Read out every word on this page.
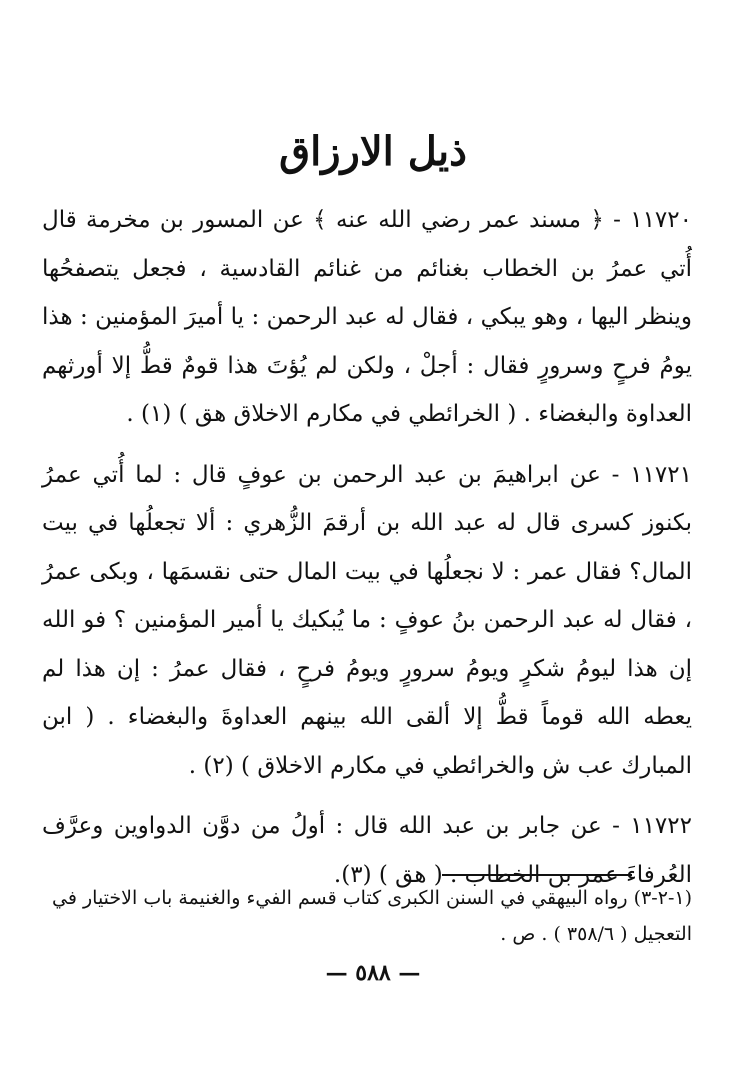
ذيل الارزاق

١١٧٢٠ - ﴿ مسند عمر رضي الله عنه ﴾ عن المسور بن مخرمة قال أُتي عمرُ بن الخطاب بغنائم من غنائم القادسية ، فجعل يتصفحُها وينظر اليها ، وهو يبكي ، فقال له عبد الرحمن : يا أميرَ المؤمنين : هذا يومُ فرحٍ وسرورٍ فقال : أجلْ ، ولكن لم يُؤتَ هذا قومٌ قطُّ إلا أورثهم العداوة والبغضاء . ( الخرائطي في مكارم الاخلاق هق ) (١) .

١١٧٢١ - عن ابراهيمَ بن عبد الرحمن بن عوفٍ قال : لما أُتي عمرُ بكنوز كسرى قال له عبد الله بن أرقمَ الزُّهري : ألا تجعلُها في بيت المال؟ فقال عمر : لا نجعلُها في بيت المال حتى نقسمَها ، وبكى عمرُ ، فقال له عبد الرحمن بنُ عوفٍ : ما يُبكيك يا أمير المؤمنين ؟ فو الله إن هذا ليومُ شكرٍ ويومُ سرورٍ ويومُ فرحٍ ، فقال عمرُ : إن هذا لم يعطه الله قوماً قطُّ إلا ألقى الله بينهم العداوةَ والبغضاء . ( ابن المبارك عب ش والخرائطي في مكارم الاخلاق ) (٢) .

١١٧٢٢ - عن جابر بن عبد الله قال : أولُ من دوَّن الدواوين وعرَّف العُرفاءَ عمر بن الخطاب . ( هق ) (٣).

(١-٢-٣) رواه البيهقي في السنن الكبرى كتاب قسم الفيء والغنيمة باب الاختيار في التعجيل ( ٣٥٨/٦ ) . ص .
— ٥٨٨ —
